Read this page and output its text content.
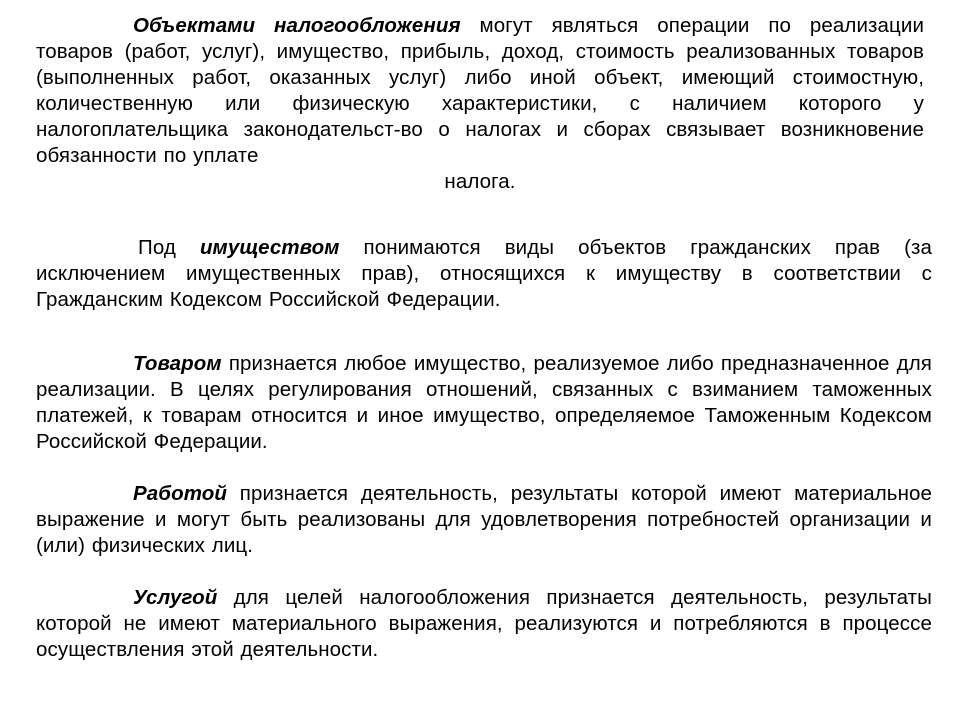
Объектами налогообложения могут являться операции по реализации товаров (работ, услуг), имущество, прибыль, доход, стоимость реализованных товаров (выполненных работ, оказанных услуг) либо иной объект, имеющий стоимостную, количественную или физическую характеристики, с наличием которого у налогоплательщика законодательст-во о налогах и сборах связывает возникновение обязанности по уплате
налога.

Под имуществом понимаются виды объектов гражданских прав (за исключением имущественных прав), относящихся к имуществу в соответствии с Гражданским Кодексом Российской Федерации.

Товаром признается любое имущество, реализуемое либо предназначенное для реализации. В целях регулирования отношений, связанных с взиманием таможенных платежей, к товарам относится и иное имущество, определяемое Таможенным Кодексом Российской Федерации.

Работой признается деятельность, результаты которой имеют материальное выражение и могут быть реализованы для удовлетворения потребностей организации и (или) физических лиц.

Услугой для целей налогообложения признается деятельность, результаты которой не имеют материального выражения, реализуются и потребляются в процессе осуществления этой деятельности.
